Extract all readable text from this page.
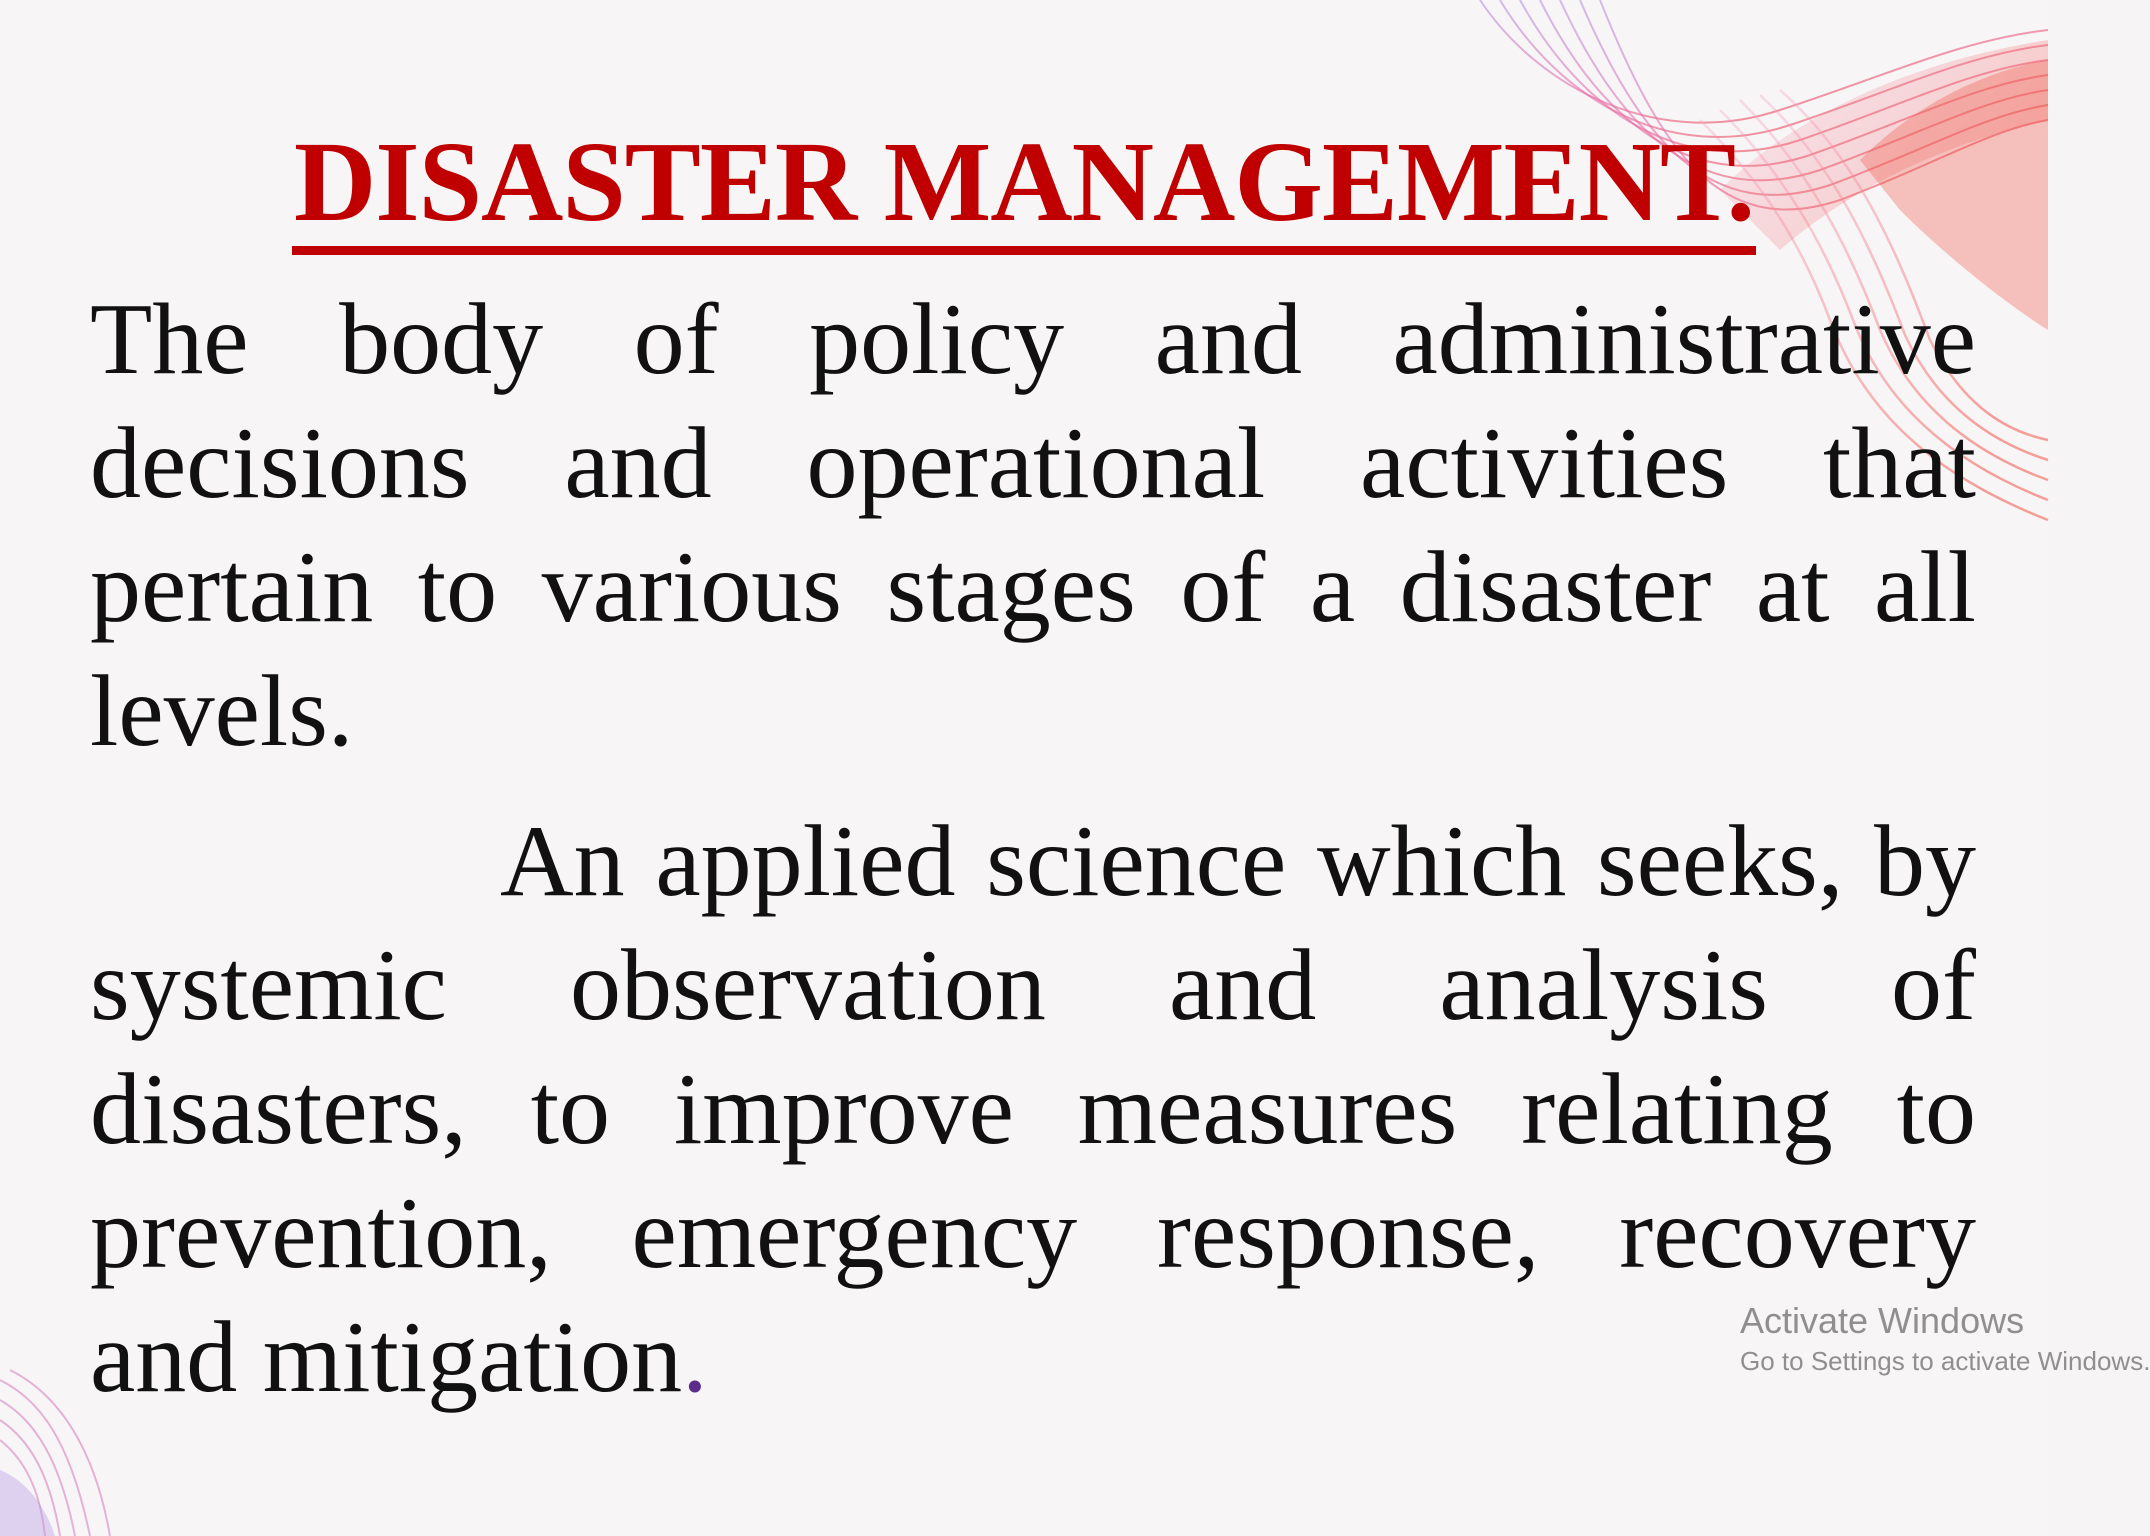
DISASTER MANAGEMENT.

The body of policy and administrative decisions and operational activities that pertain to various stages of a disaster at all levels.

An applied science which seeks, by systemic observation and analysis of disasters, to improve measures relating to prevention, emergency response, recovery and mitigation.	Activate Windows
Go to Settings to activate Windows.
